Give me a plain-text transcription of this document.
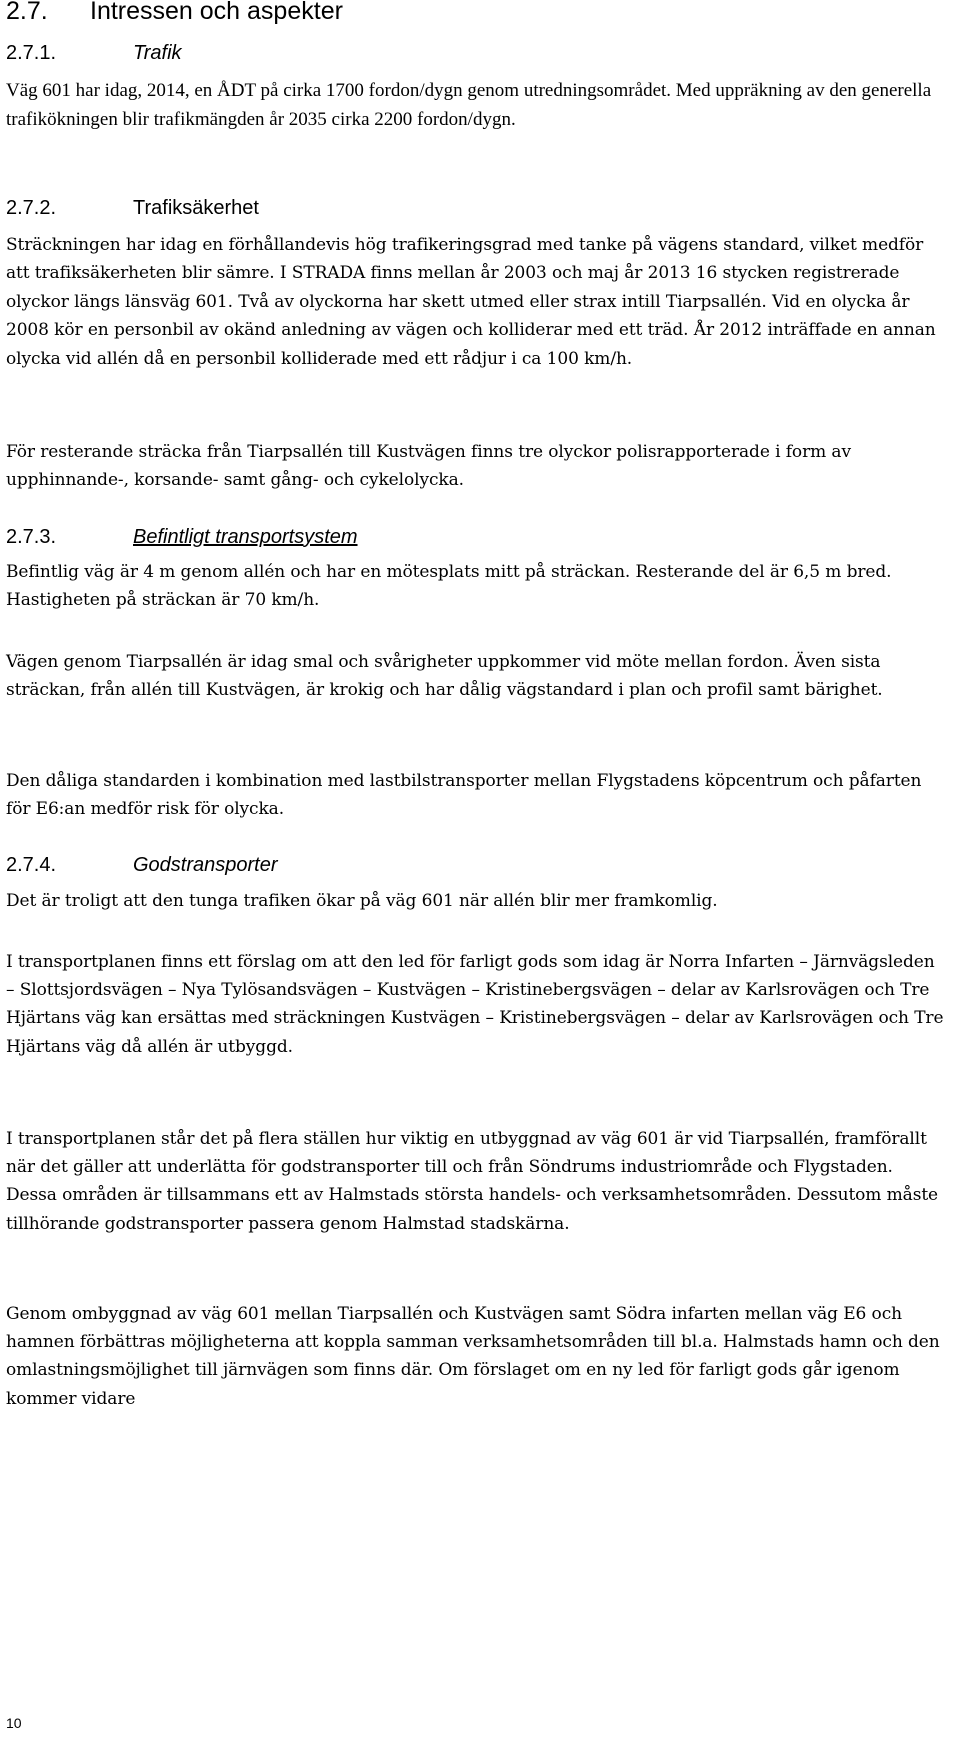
2.7. Intressen och aspekter
2.7.1.	Trafik

Väg 601 har idag, 2014, en ÅDT på cirka 1700 fordon/dygn genom utredningsområdet. Med uppräkning av den generella trafikökningen blir trafikmängden år 2035 cirka 2200 fordon/dygn.

2.7.2.	Trafiksäkerhet

Sträckningen har idag en förhållandevis hög trafikeringsgrad med tanke på vägens standard, vilket medför att trafiksäkerheten blir sämre. I STRADA finns mellan år 2003 och maj år 2013 16 stycken registrerade olyckor längs länsväg 601. Två av olyckorna har skett utmed eller strax intill Tiarpsallén. Vid en olycka år 2008 kör en personbil av okänd anledning av vägen och kolliderar med ett träd. År 2012 inträffade en annan olycka vid allén då en personbil kolliderade med ett rådjur i ca 100 km/h.

För resterande sträcka från Tiarpsallén till Kustvägen finns tre olyckor polisrapporterade i form av upphinnande-, korsande- samt gång- och cykelolycka.

2.7.3.	Befintligt transportsystem

Befintlig väg är 4 m genom allén och har en mötesplats mitt på sträckan. Resterande del är 6,5 m bred. Hastigheten på sträckan är 70 km/h.

Vägen genom Tiarpsallén är idag smal och svårigheter uppkommer vid möte mellan fordon. Även sista sträckan, från allén till Kustvägen, är krokig och har dålig vägstandard i plan och profil samt bärighet.

Den dåliga standarden i kombination med lastbilstransporter mellan Flygstadens köpcentrum och påfarten för E6:an medför risk för olycka.

2.7.4.	Godstransporter

Det är troligt att den tunga trafiken ökar på väg 601 när allén blir mer framkomlig.

I transportplanen finns ett förslag om att den led för farligt gods som idag är Norra Infarten – Järnvägsleden – Slottsjordsvägen – Nya Tylösandsvägen – Kustvägen – Kristinebergsvägen – delar av Karlsrovägen och Tre Hjärtans väg kan ersättas med sträckningen Kustvägen – Kristinebergsvägen – delar av Karlsrovägen och Tre Hjärtans väg då allén är utbyggd.

I transportplanen står det på flera ställen hur viktig en utbyggnad av väg 601 är vid Tiarpsallén, framförallt när det gäller att underlätta för godstransporter till och från Söndrums industriområde och Flygstaden. Dessa områden är tillsammans ett av Halmstads största handels- och verksamhetsområden. Dessutom måste tillhörande godstransporter passera genom Halmstad stadskärna.

Genom ombyggnad av väg 601 mellan Tiarpsallén och Kustvägen samt Södra infarten mellan väg E6 och hamnen förbättras möjligheterna att koppla samman verksamhetsområden till bl.a. Halmstads hamn och den omlastningsmöjlighet till järnvägen som finns där. Om förslaget om en ny led för farligt gods går igenom kommer vidare

10
